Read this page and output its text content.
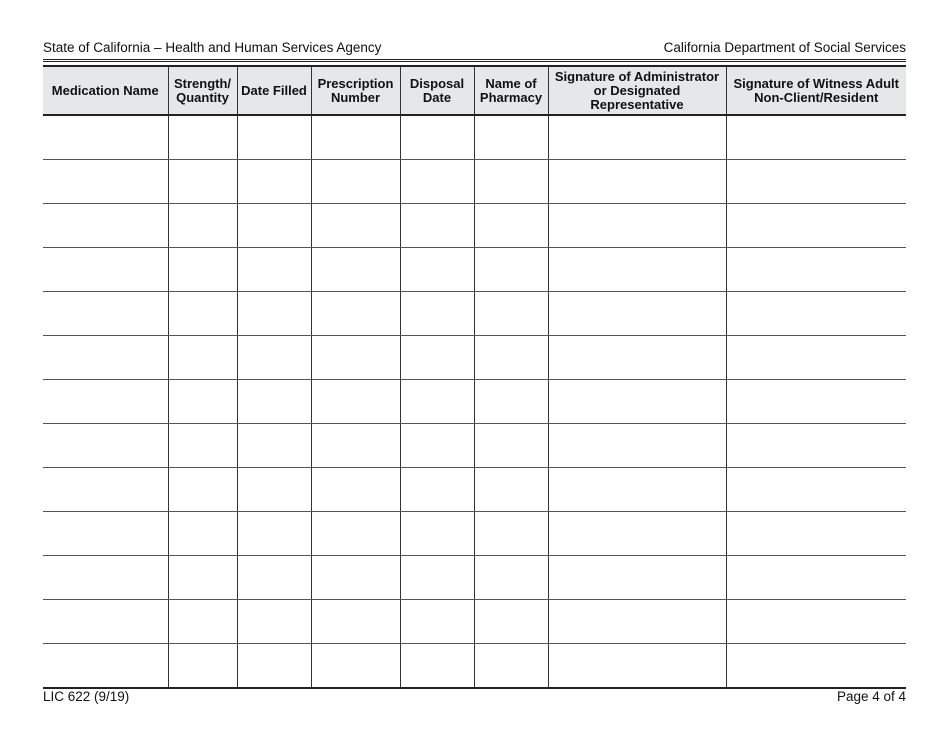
State of California – Health and Human Services Agency	California Department of Social Services
Medication Name	Strength/ Quantity	Date Filled	Prescription Number	Disposal Date	Name of Pharmacy	Signature of Administrator or Designated Representative	Signature of Witness Adult Non-Client/Resident

LIC 622 (9/19)	Page 4 of 4
